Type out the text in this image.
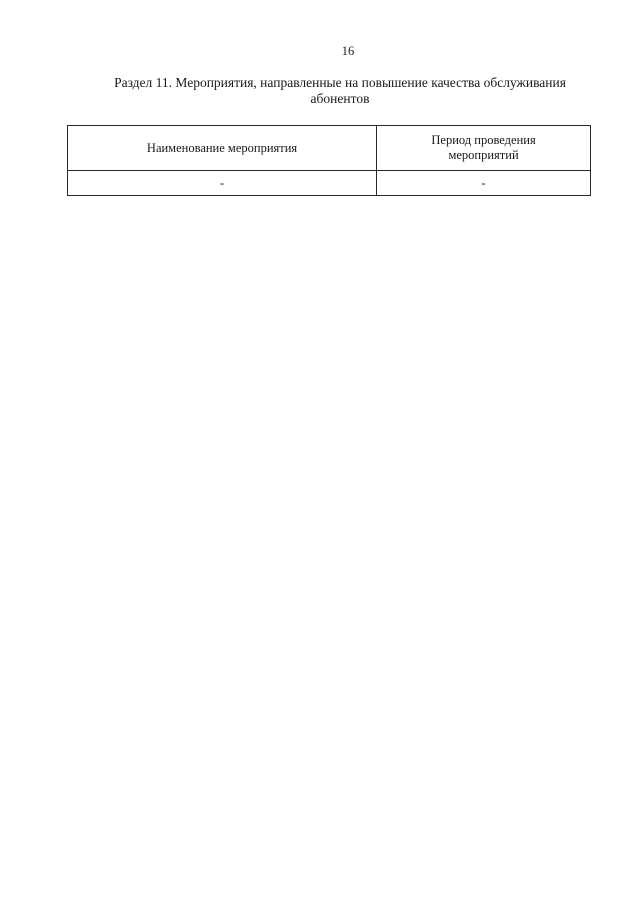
16
Раздел 11. Мероприятия, направленные на повышение качества обслуживания
абонентов
Наименование мероприятия	Период проведения
мероприятий

-	-
